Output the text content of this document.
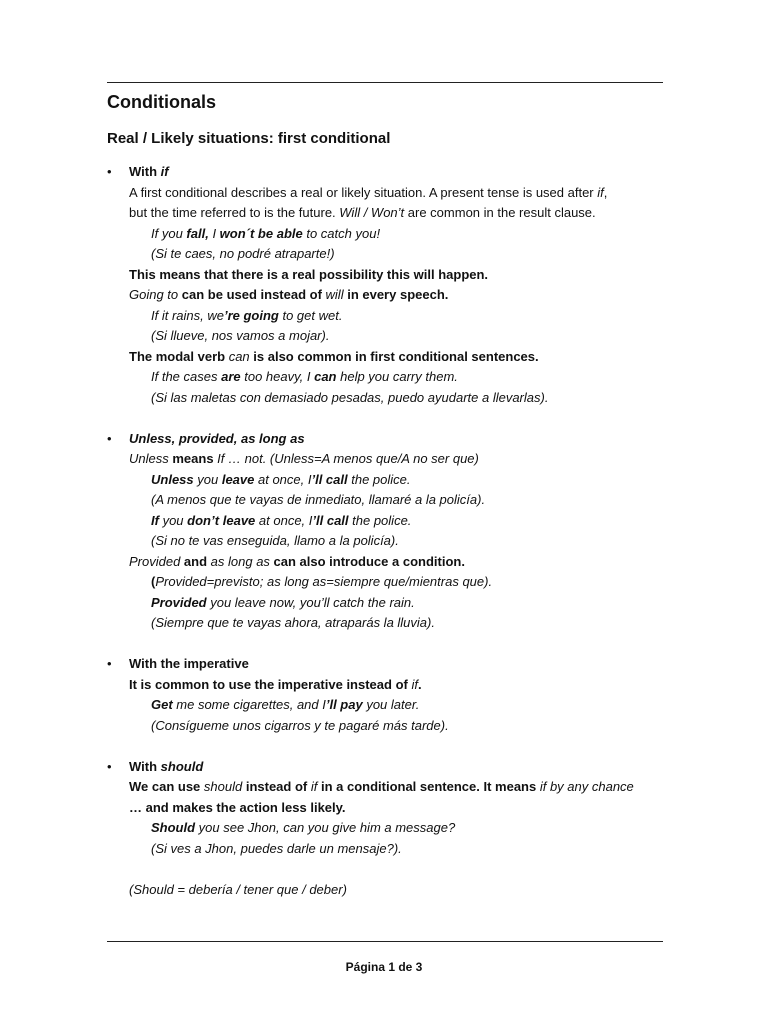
Conditionals
Real / Likely situations: first conditional
• With if
A first conditional describes a real or likely situation. A present tense is used after if,
but the time referred to is the future. Will / Won’t are common in the result clause.
If you fall, I won´t be able to catch you!
(Si te caes, no podré atraparte!)
This means that there is a real possibility this will happen.
Going to can be used instead of will in every speech.
If it rains, we’re going to get wet.
(Si llueve, nos vamos a mojar).
The modal verb can is also common in first conditional sentences.
If the cases are too heavy, I can help you carry them.
(Si las maletas con demasiado pesadas, puedo ayudarte a llevarlas).
• Unless, provided, as long as
Unless means If … not. (Unless=A menos que/A no ser que)
Unless you leave at once, I’ll call the police.
(A menos que te vayas de inmediato, llamaré a la policía).
If you don’t leave at once, I’ll call the police.
(Si no te vas enseguida, llamo a la policía).
Provided and as long as can also introduce a condition.
(Provided=previsto; as long as=siempre que/mientras que).
Provided you leave now, you’ll catch the rain.
(Siempre que te vayas ahora, atraparás la lluvia).
• With the imperative
It is common to use the imperative instead of if.
Get me some cigarettes, and I’ll pay you later.
(Consígueme unos cigarros y te pagaré más tarde).
• With should
We can use should instead of if in a conditional sentence. It means if by any chance
… and makes the action less likely.
Should you see Jhon, can you give him a message?
(Si ves a Jhon, puedes darle un mensaje?).
(Should = debería / tener que / deber)
Página 1 de 3
